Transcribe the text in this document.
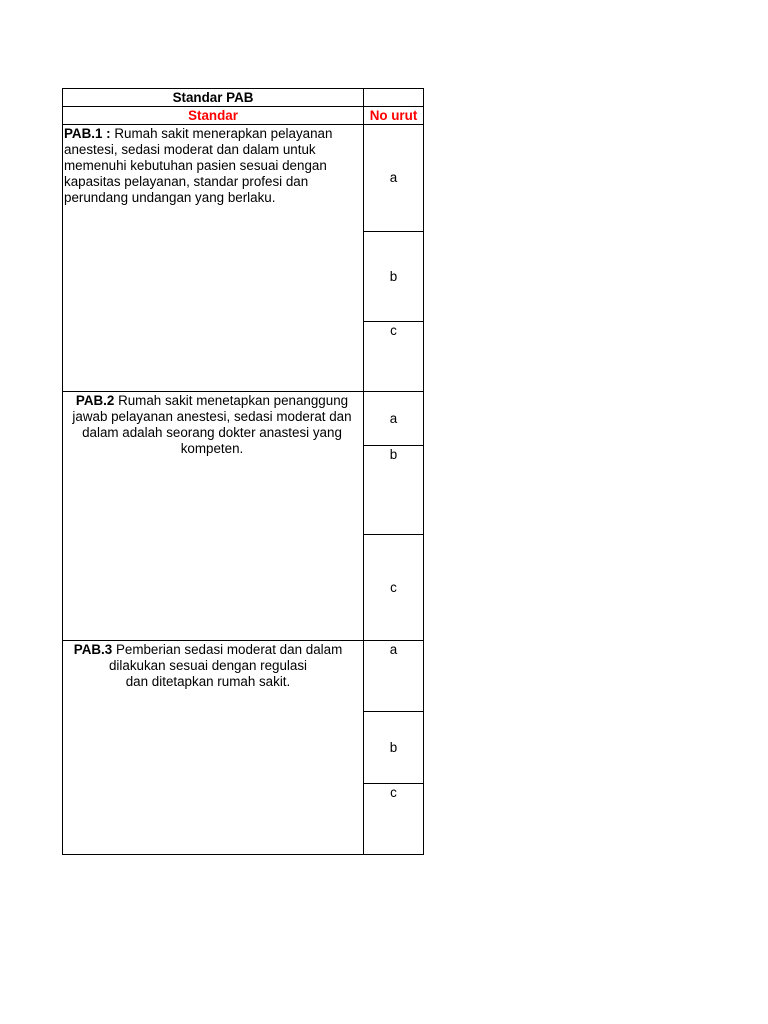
Standar PAB
Standar	No urut
PAB.1 : Rumah sakit menerapkan pelayanan anestesi, sedasi moderat dan dalam untuk memenuhi kebutuhan pasien sesuai dengan kapasitas pelayanan, standar profesi dan perundang undangan yang berlaku.
a
b
c
PAB.2 Rumah sakit menetapkan penanggung jawab pelayanan anestesi, sedasi moderat dan dalam adalah seorang dokter anastesi yang kompeten.
a
b
c
PAB.3 Pemberian sedasi moderat dan dalam dilakukan sesuai dengan regulasi
dan ditetapkan rumah sakit.
a
b
c
